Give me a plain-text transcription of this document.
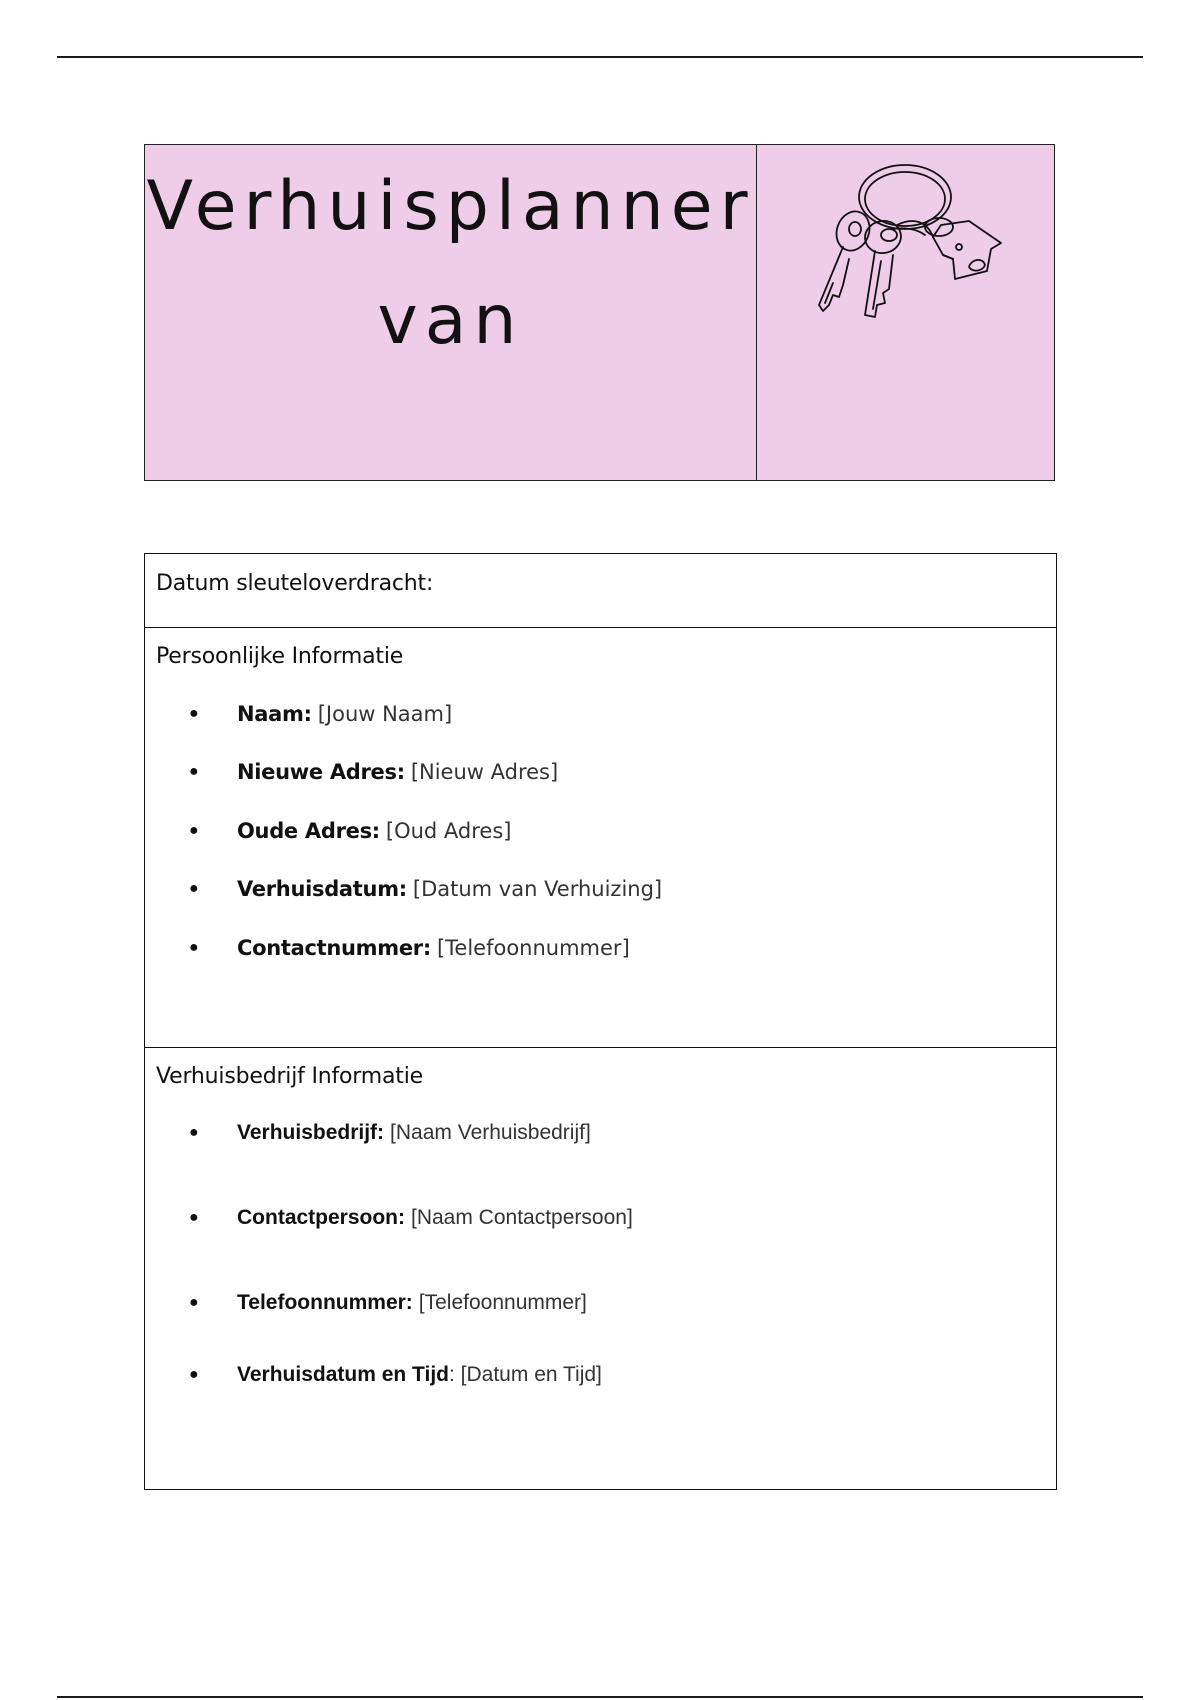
Verhuisplanner
van
Datum sleuteloverdracht:
Persoonlijke Informatie
●	Naam: [Jouw Naam]
●	Nieuwe Adres: [Nieuw Adres]
●	Oude Adres: [Oud Adres]
●	Verhuisdatum: [Datum van Verhuizing]
●	Contactnummer: [Telefoonnummer]
Verhuisbedrijf Informatie
●	Verhuisbedrijf: [Naam Verhuisbedrijf]
●	Contactpersoon: [Naam Contactpersoon]
●	Telefoonnummer: [Telefoonnummer]
●	Verhuisdatum en Tijd : [Datum en Tijd]
